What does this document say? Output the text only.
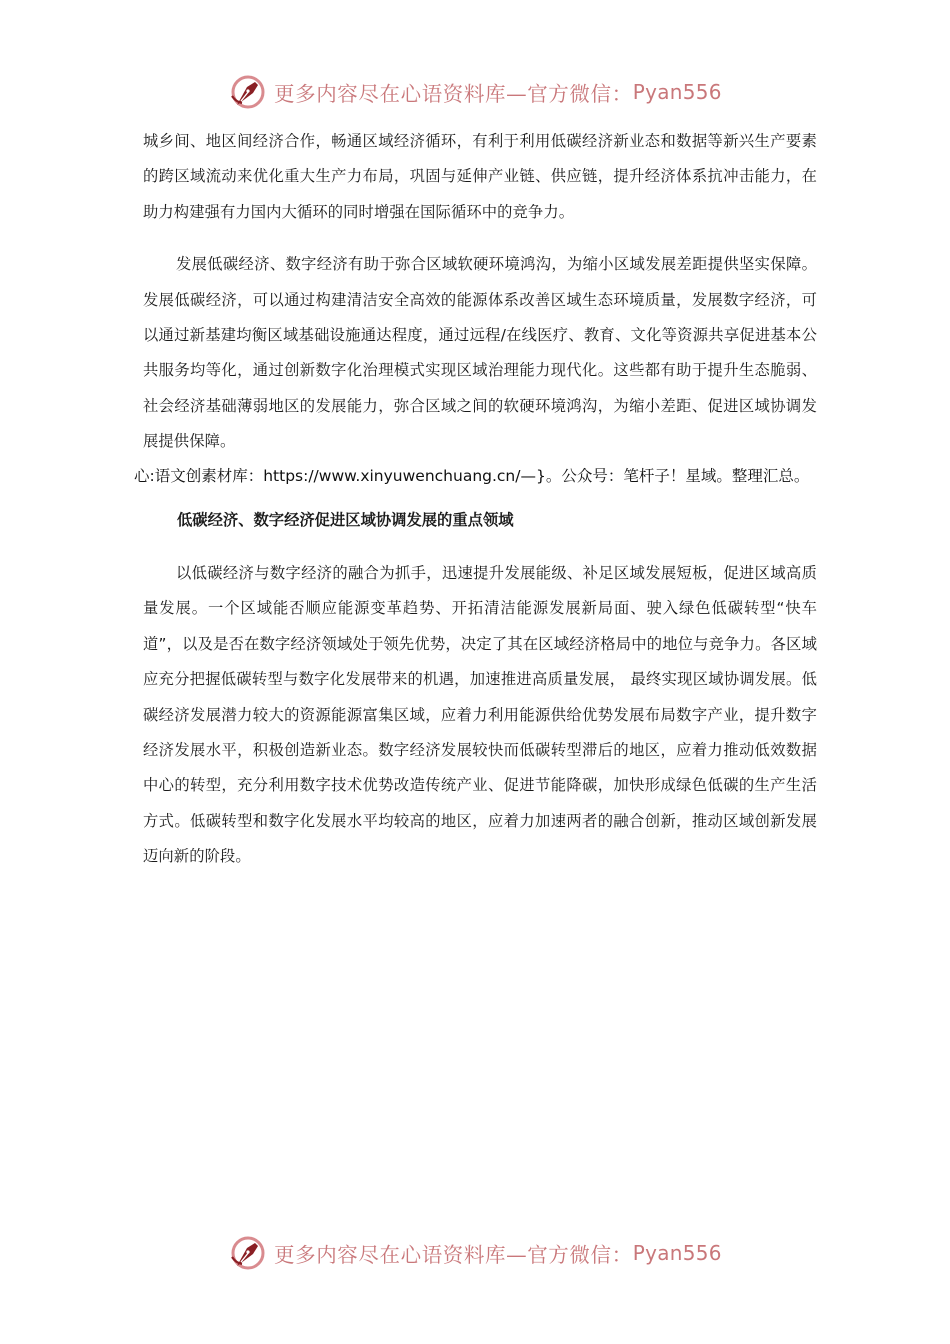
更多内容尽在心语资料库—官方微信： Pyan556

城乡间、地区间经济合作，畅通区域经济循环，有利于利用低碳经济新业态和数据等新兴生产要素的跨区域流动来优化重大生产力布局，巩固与延伸产业链、供应链，提升经济体系抗冲击能力，在助力构建强有力国内大循环的同时增强在国际循环中的竞争力。

发展低碳经济、数字经济有助于弥合区域软硬环境鸿沟，为缩小区域发展差距提供坚实保障。发展低碳经济，可以通过构建清洁安全高效的能源体系改善区域生态环境质量，发展数字经济，可以通过新基建均衡区域基础设施通达程度，通过远程/在线医疗、教育、文化等资源共享促进基本公共服务均等化，通过创新数字化治理模式实现区域治理能力现代化。这些都有助于提升生态脆弱、社会经济基础薄弱地区的发展能力，弥合区域之间的软硬环境鸿沟，为缩小差距、促进区域协调发展提供保障。

心:语文创素材库：https://www.xinyuwenchuang.cn/—}。公众号：笔杆子！星域。整理汇总。

低碳经济、数字经济促进区域协调发展的重点领域

以低碳经济与数字经济的融合为抓手，迅速提升发展能级、补足区域发展短板，促进区域高质量发展。一个区域能否顺应能源变革趋势、开拓清洁能源发展新局面、驶入绿色低碳转型“快车道”，以及是否在数字经济领域处于领先优势，决定了其在区域经济格局中的地位与竞争力。各区域应充分把握低碳转型与数字化发展带来的机遇，加速推进高质量发展， 最终实现区域协调发展。低碳经济发展潜力较大的资源能源富集区域，应着力利用能源供给优势发展布局数字产业，提升数字经济发展水平，积极创造新业态。数字经济发展较快而低碳转型滞后的地区，应着力推动低效数据中心的转型，充分利用数字技术优势改造传统产业、促进节能降碳，加快形成绿色低碳的生产生活方式。低碳转型和数字化发展水平均较高的地区，应着力加速两者的融合创新，推动区域创新发展迈向新的阶段。

更多内容尽在心语资料库—官方微信： Pyan556
